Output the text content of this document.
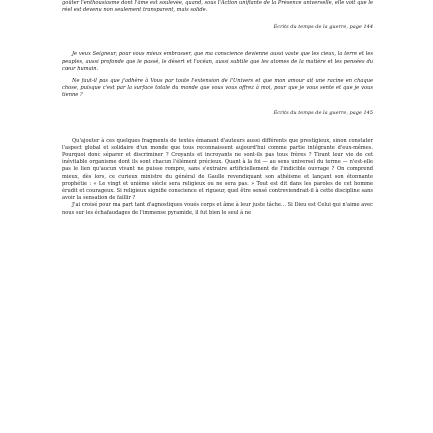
goûter l'enthousiasme dont l'âme est soulevée, quand, sous l'Action unifiante de la Présence universelle, elle voit que le réel est devenu non seulement transparent, mais solide.

Écrits du temps de la guerre, page 144

Je veux Seigneur, pour vous mieux embrasser, que ma conscience devienne aussi vaste que les cieux, la terre et les peuples, aussi profonde que le passé, le désert et l'océan, aussi subtile que les atomes de la matière et les pensées du cœur humain.

Ne faut-il pas que j'adhère à Vous par toute l'extension de l'Univers et que mon amour ait une racine en chaque chose, puisque c'est par la surface totale du monde que vous vous offrez à moi, pour que je vous sente et que je vous tienne ?

Écrits du temps de la guerre, page 145

Qu'ajouter à ces quelques fragments de textes émanant d'auteurs aussi différents que prestigieux, sinon constater l'aspect global et solidaire d'un monde que tous reconnaissent aujourd'hui comme partie intégrante d'eux-mêmes. Pourquoi donc séparer et discriminer ? Croyants et incroyants ne sont-ils pas tous frères ? Tirant leur vie de cet inévitable organisme dont ils sont chacun l'élément précieux. Quant à la foi — au sens universel du terme — n'est-elle pas le lien qu'aucun vivant ne puisse rompre, sans s'extraire artificiellement de l'indicible ouvrage ? On comprend mieux, dès lors, ce curieux ministre du général de Gaulle revendiquant son athéisme et lançant son étonnante prophétie : « Le vingt et unième siècle sera religieux ou ne sera pas. » Tout est dit dans les paroles de cet homme érudit et courageux. Si religieux signifie conscience et rigueur, quel être sensé contreviendrait-il à cette discipline sans avoir la sensation de faillir ?

J'ai croisé pour ma part tant d'agnostiques voués corps et âme à leur juste tâche… Si Dieu est Celui qui n'aime avec nous sur les échafaudages de l'immense pyramide, il fut bien le seul à ne
